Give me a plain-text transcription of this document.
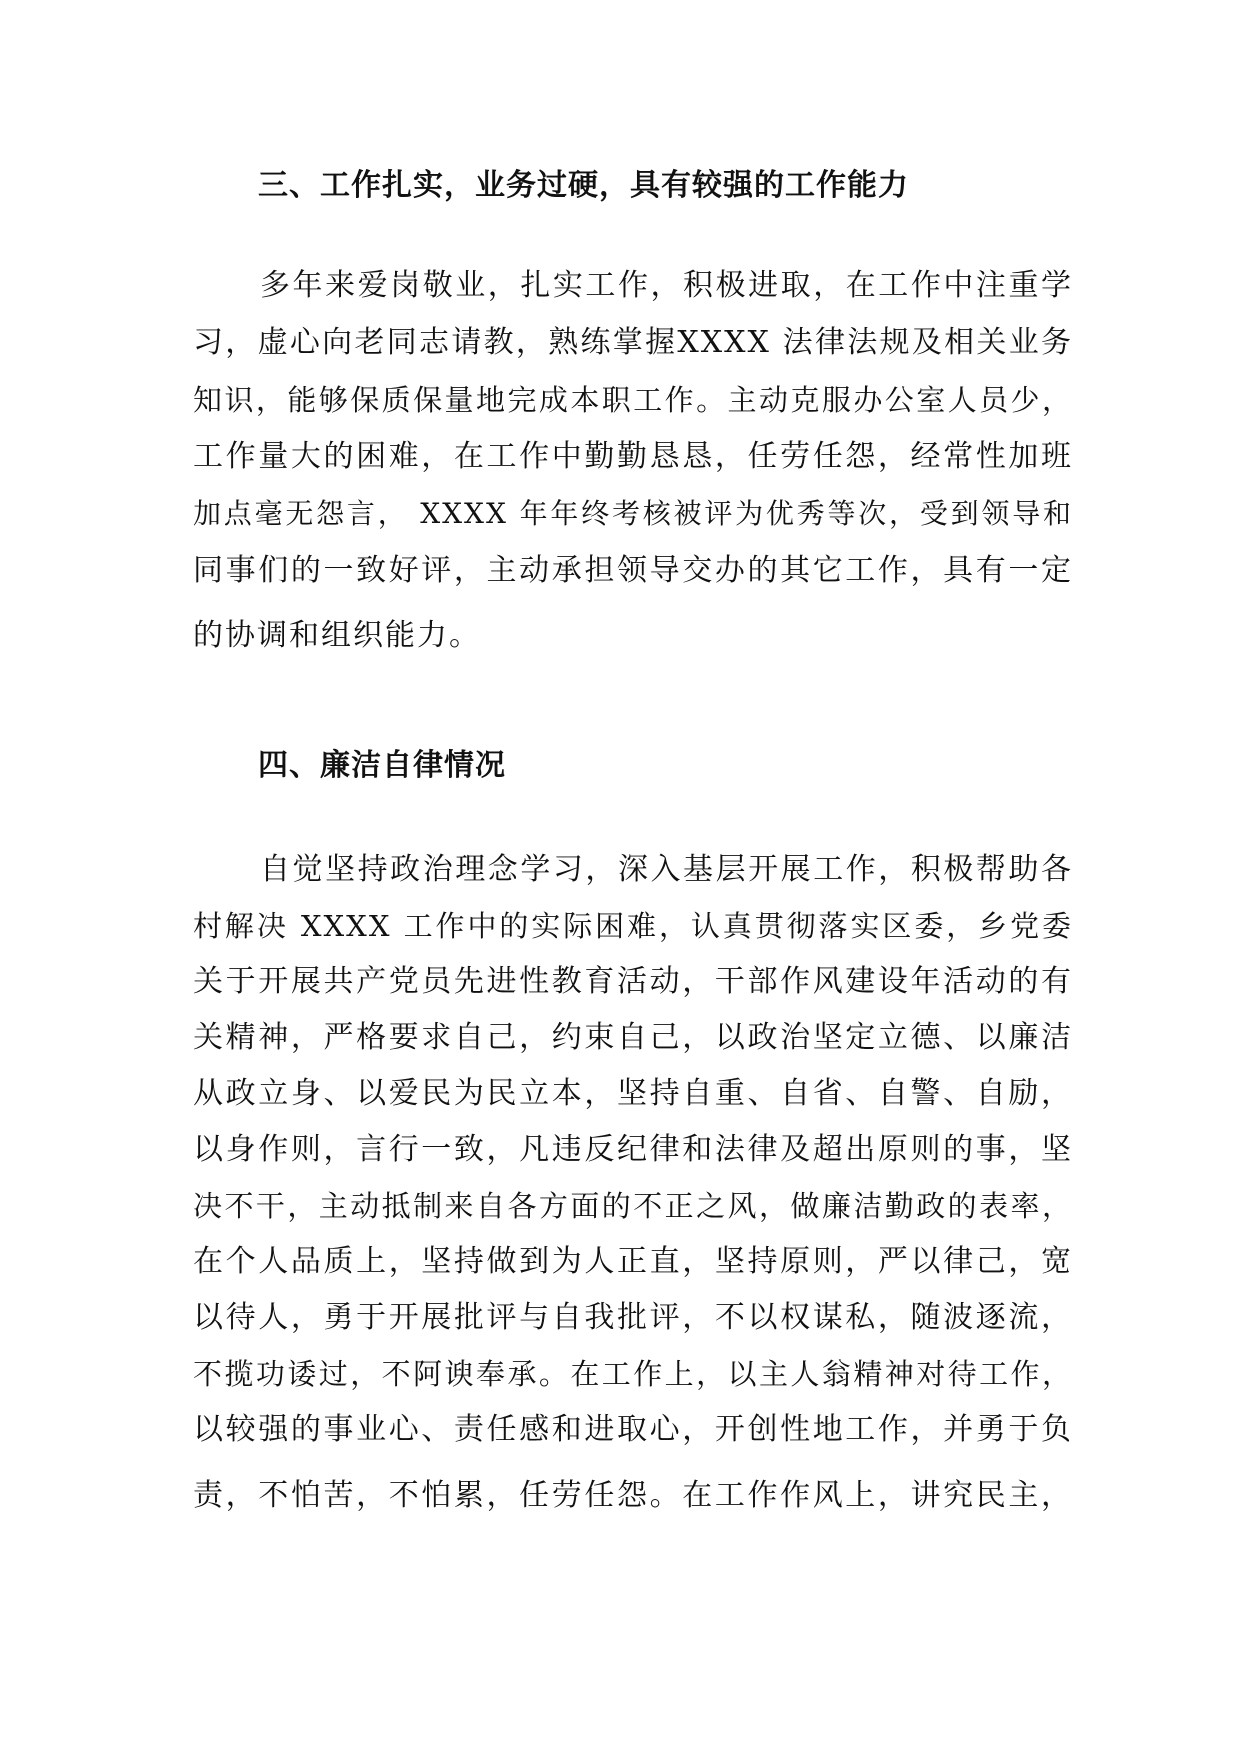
三、工作扎实，业务过硬，具有较强的工作能力
多年来爱岗敬业，扎实工作，积极进取，在工作中注重学
习，虚心向老同志请教，熟练掌握XXXX 法律法规及相关业务
知识，能够保质保量地完成本职工作。主动克服办公室人员少，
工作量大的困难，在工作中勤勤恳恳，任劳任怨，经常性加班
加点毫无怨言， XXXX 年年终考核被评为优秀等次，受到领导和
同事们的一致好评，主动承担领导交办的其它工作，具有一定
的协调和组织能力。
四、廉洁自律情况
自觉坚持政治理念学习，深入基层开展工作，积极帮助各
村解决 XXXX 工作中的实际困难，认真贯彻落实区委，乡党委
关于开展共产党员先进性教育活动，干部作风建设年活动的有
关精神，严格要求自己，约束自己，以政治坚定立德、以廉洁
从政立身、以爱民为民立本，坚持自重、自省、自警、自励，
以身作则，言行一致，凡违反纪律和法律及超出原则的事，坚
决不干，主动抵制来自各方面的不正之风，做廉洁勤政的表率，
在个人品质上，坚持做到为人正直，坚持原则，严以律己，宽
以待人，勇于开展批评与自我批评，不以权谋私，随波逐流，
不揽功诿过，不阿谀奉承。在工作上，以主人翁精神对待工作，
以较强的事业心、责任感和进取心，开创性地工作，并勇于负
责，不怕苦，不怕累，任劳任怨。在工作作风上，讲究民主，
